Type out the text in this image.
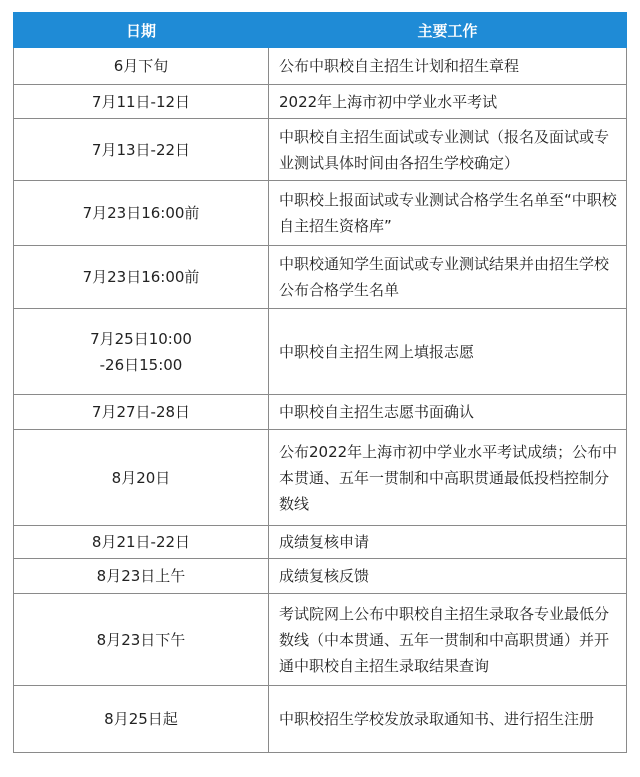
日期	主要工作

6月下旬	公布中职校自主招生计划和招生章程

7月11日-12日	2022年上海市初中学业水平考试

7月13日-22日	中职校自主招生面试或专业测试（报名及面试或专业测试具体时间由各招生学校确定）

7月23日16:00前	中职校上报面试或专业测试合格学生名单至“中职校自主招生资格库”

7月23日16:00前	中职校通知学生面试或专业测试结果并由招生学校公布合格学生名单

7月25日10:00
-26日15:00	中职校自主招生网上填报志愿

7月27日-28日	中职校自主招生志愿书面确认

8月20日	公布2022年上海市初中学业水平考试成绩；公布中本贯通、五年一贯制和中高职贯通最低投档控制分数线

8月21日-22日	成绩复核申请

8月23日上午	成绩复核反馈

8月23日下午	考试院网上公布中职校自主招生录取各专业最低分数线（中本贯通、五年一贯制和中高职贯通）并开通中职校自主招生录取结果查询

8月25日起	中职校招生学校发放录取通知书、进行招生注册
